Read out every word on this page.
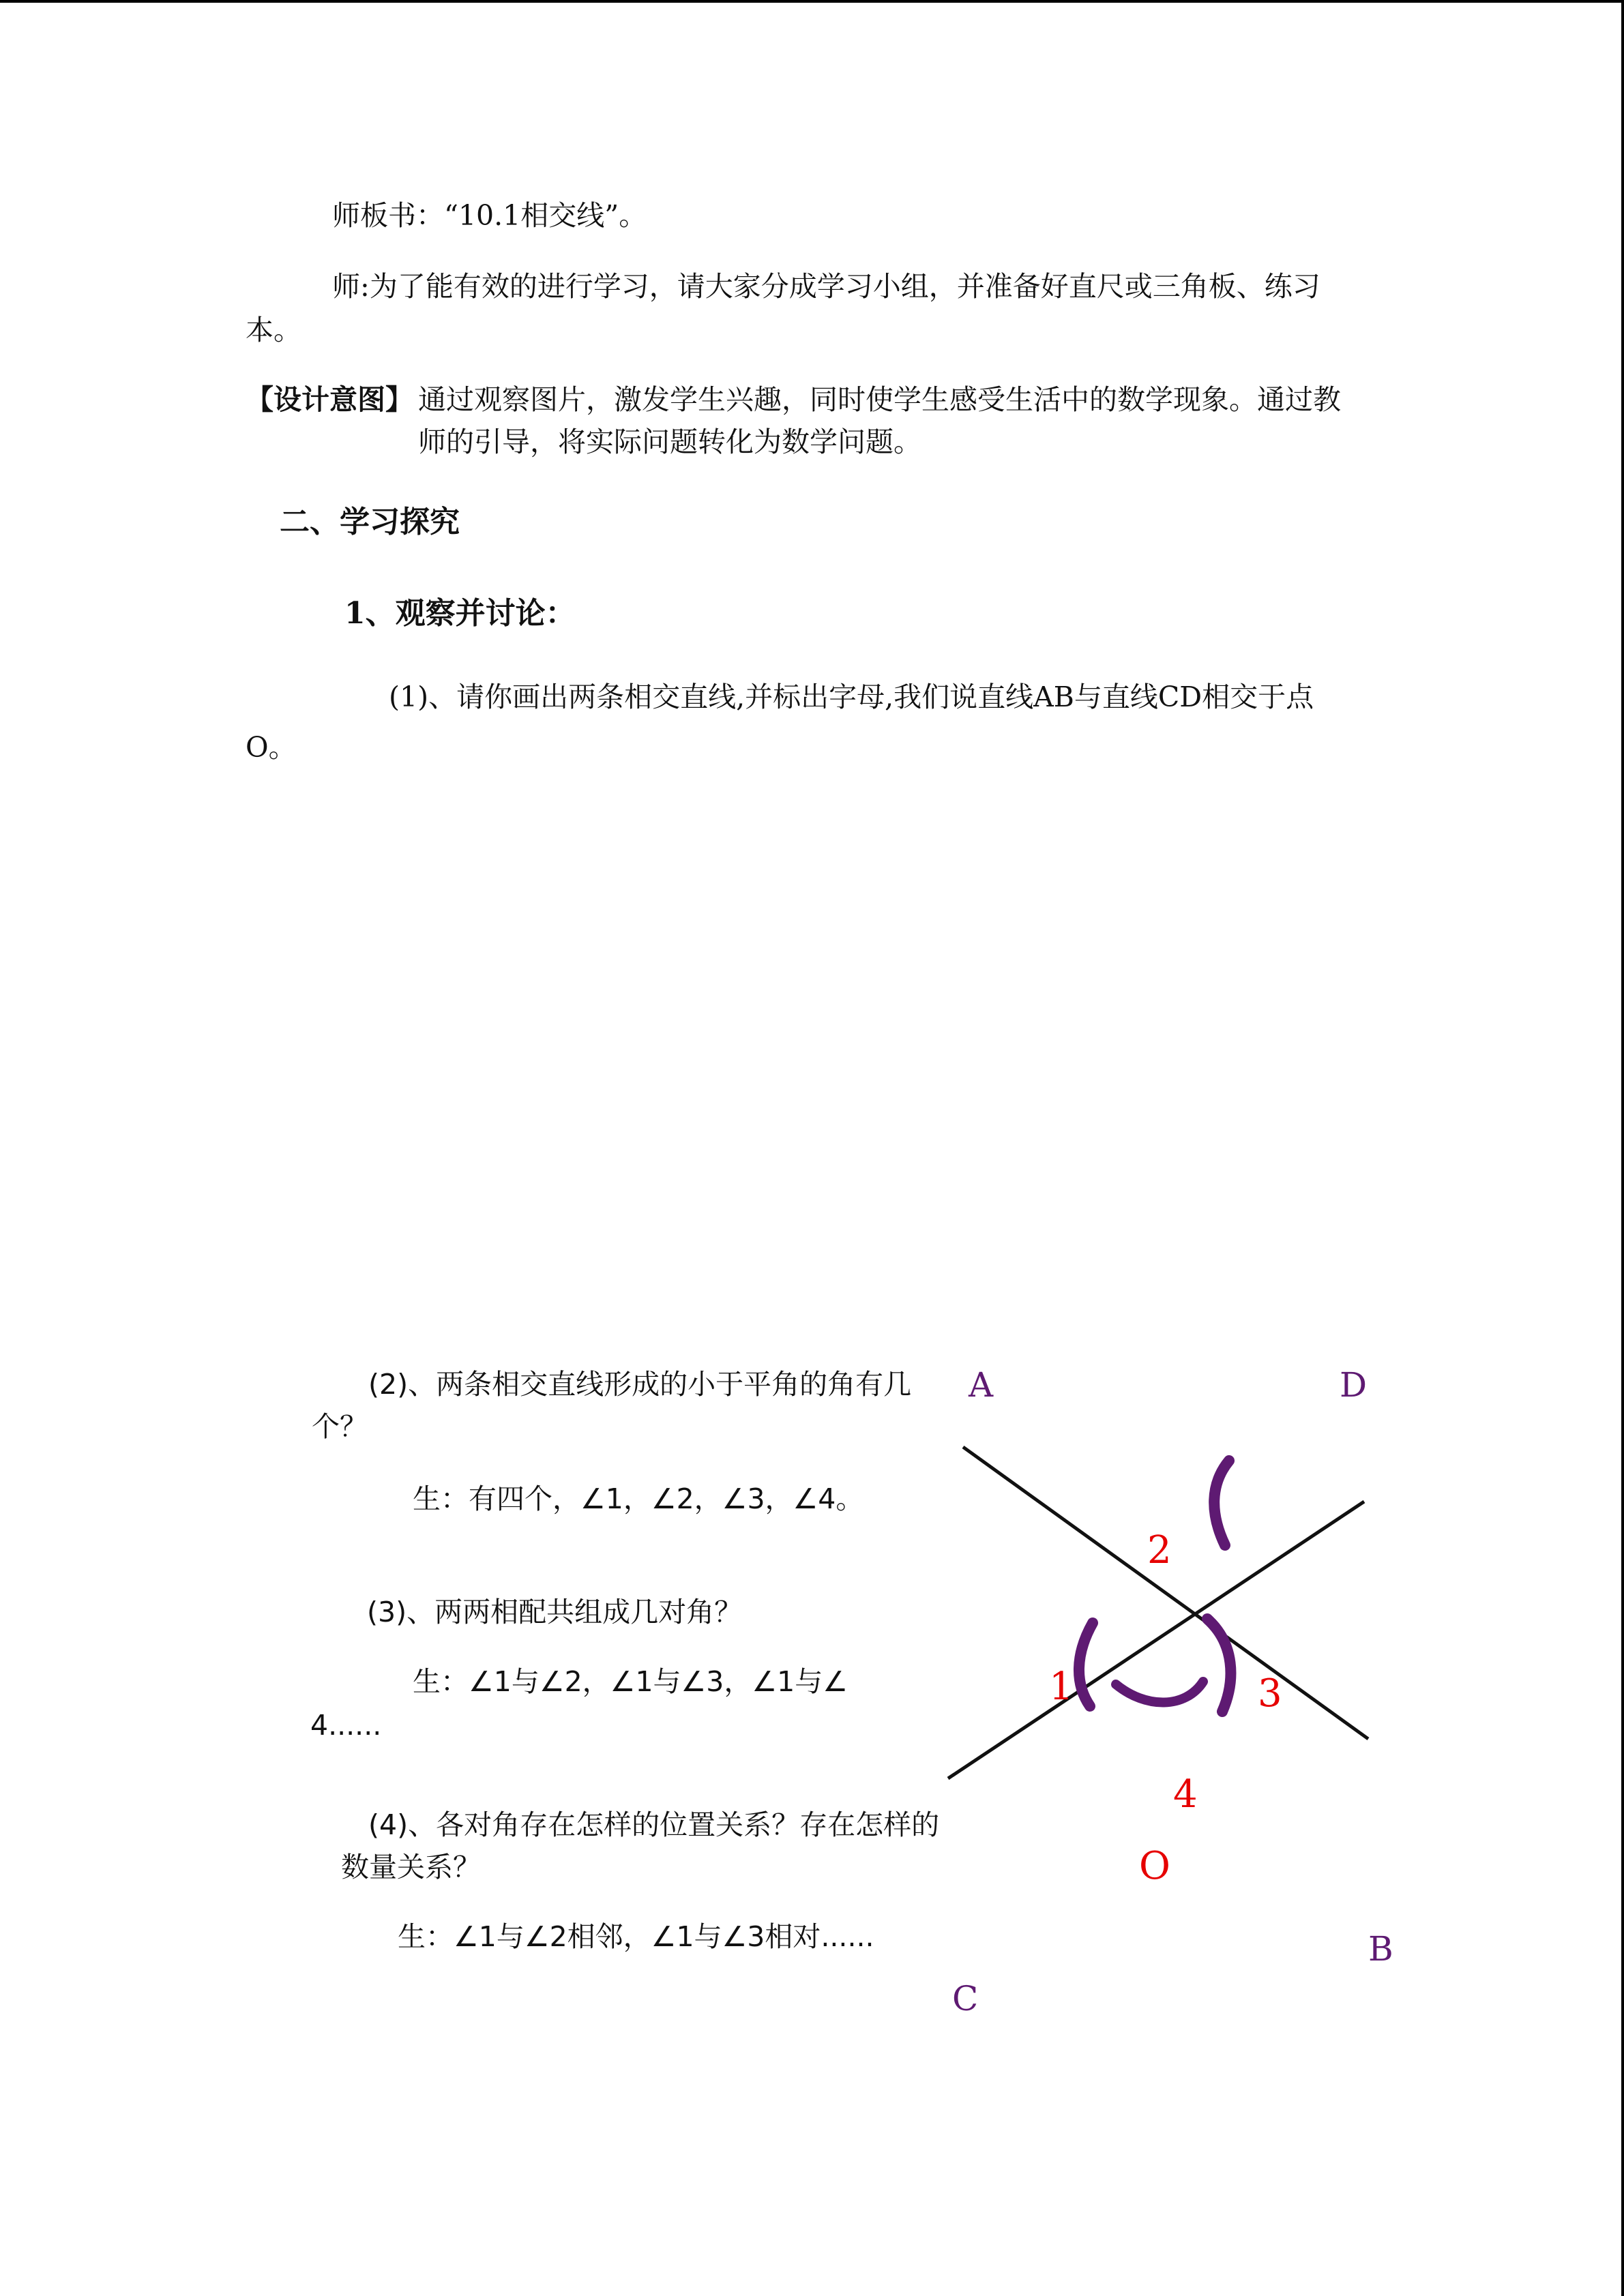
师板书：“10.1相交线”。
师:为了能有效的进行学习，请大家分成学习小组，并准备好直尺或三角板、练习
本。
【设计意图】 通过观察图片，激发学生兴趣，同时使学生感受生活中的数学现象。通过教
师的引导，将实际问题转化为数学问题。
二、学习探究
1、观察并讨论：
(1)、请你画出两条相交直线,并标出字母,我们说直线AB与直线CD相交于点
O。
(2)、两条相交直线形成的小于平角的角有几
个？
生：有四个，∠1，∠2，∠3，∠4。
(3)、两两相配共组成几对角？
生：∠1与∠2，∠1与∠3，∠1与∠
4......
(4)、各对角存在怎样的位置关系？存在怎样的
数量关系？
生：∠1与∠2相邻，∠1与∠3相对......
A	D
B
C
O
2
1	3
4
